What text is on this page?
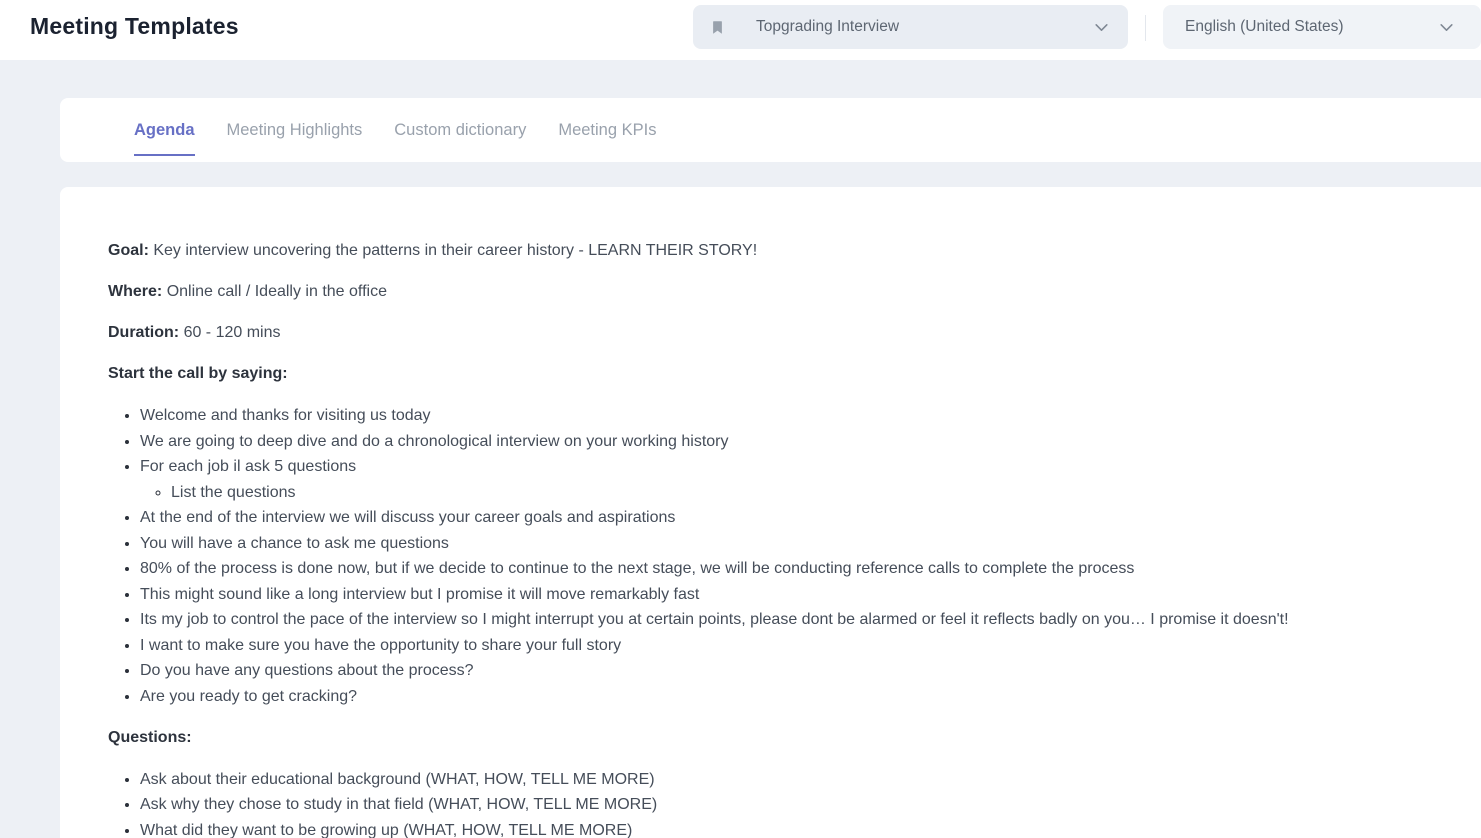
Meeting Templates	Topgrading Interview	English (United States)
Agenda Meeting Highlights Custom dictionary Meeting KPIs

Goal: Key interview uncovering the patterns in their career history - LEARN THEIR STORY!

Where: Online call / Ideally in the office

Duration: 60 - 120 mins

Start the call by saying:

• Welcome and thanks for visiting us today
• We are going to deep dive and do a chronological interview on your working history
• For each job il ask 5 questions
◦ List the questions
• At the end of the interview we will discuss your career goals and aspirations
• You will have a chance to ask me questions
• 80% of the process is done now, but if we decide to continue to the next stage, we will be conducting reference calls to complete the process
• This might sound like a long interview but I promise it will move remarkably fast
• Its my job to control the pace of the interview so I might interrupt you at certain points, please dont be alarmed or feel it reflects badly on you… I promise it doesn't!
• I want to make sure you have the opportunity to share your full story
• Do you have any questions about the process?
• Are you ready to get cracking?

Questions:

• Ask about their educational background (WHAT, HOW, TELL ME MORE)
• Ask why they chose to study in that field (WHAT, HOW, TELL ME MORE)
• What did they want to be growing up (WHAT, HOW, TELL ME MORE)
